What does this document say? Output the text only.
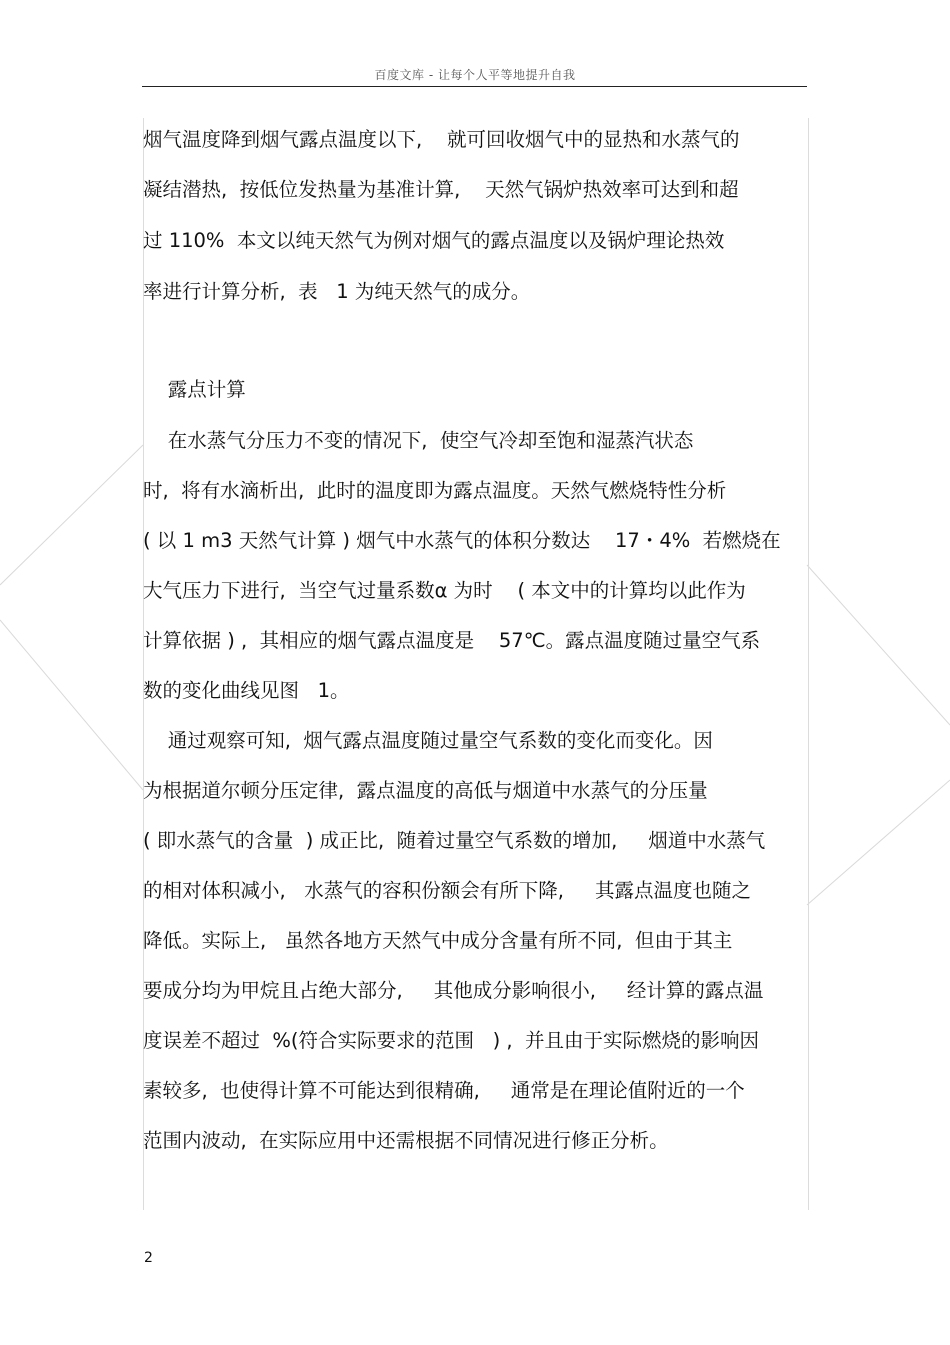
百度文库 - 让每个人平等地提升自我
烟气温度降到烟气露点温度以下,    就可回收烟气中的显热和水蒸气的
凝结潜热,  按低位发热量为基准计算,    天然气锅炉热效率可达到和超
过 110%  本文以纯天然气为例对烟气的露点温度以及锅炉理论热效
率进行计算分析,  表   1 为纯天然气的成分。
露点计算
在水蒸气分压力不变的情况下,  使空气冷却至饱和湿蒸汽状态
时,  将有水滴析出,  此时的温度即为露点温度。天然气燃烧特性分析
( 以 1 m3 天然气计算 ) 烟气中水蒸气的体积分数达    17・4%  若燃烧在
大气压力下进行,  当空气过量系数α 为时    ( 本文中的计算均以此作为
计算依据 ) ,  其相应的烟气露点温度是    57℃。露点温度随过量空气系
数的变化曲线见图   1。
通过观察可知,  烟气露点温度随过量空气系数的变化而变化。因
为根据道尔顿分压定律,  露点温度的高低与烟道中水蒸气的分压量
( 即水蒸气的含量  ) 成正比,  随着过量空气系数的增加,     烟道中水蒸气
的相对体积减小,   水蒸气的容积份额会有所下降,     其露点温度也随之
降低。实际上,   虽然各地方天然气中成分含量有所不同,  但由于其主
要成分均为甲烷且占绝大部分,     其他成分影响很小,     经计算的露点温
度误差不超过  %(符合实际要求的范围   ) ,  并且由于实际燃烧的影响因
素较多,  也使得计算不可能达到很精确,     通常是在理论值附近的一个
范围内波动,  在实际应用中还需根据不同情况进行修正分析。
2
